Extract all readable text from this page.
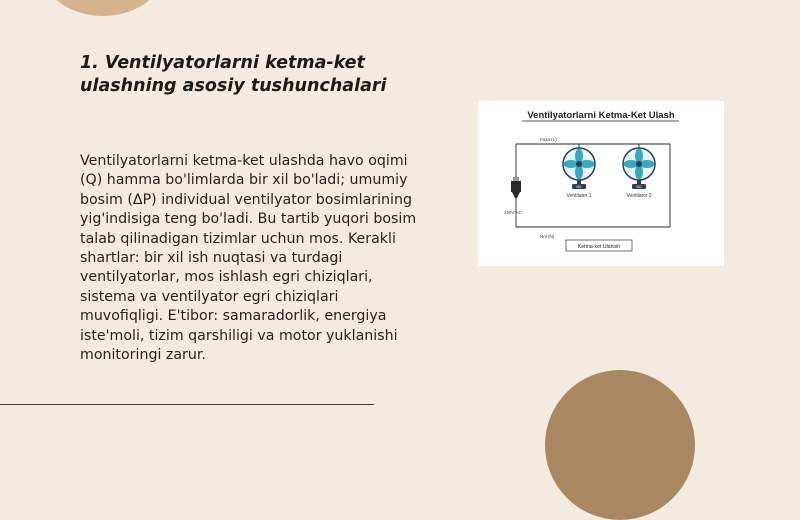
1. Ventilyatorlarni ketma-ket ulashning asosiy tushunchalari

Ventilyatorlarni ketma-ket ulashda havo oqimi (Q) hamma bo'limlarda bir xil bo'ladi; umumiy bosim (ΔP) individual ventilyator bosimlarining yig'indisiga teng bo'ladi. Bu tartib yuqori bosim talab qilinadigan tizimlar uchun mos. Kerakli shartlar: bir xil ish nuqtasi va turdagi ventilyatorlar, mos ishlash egri chiziqlari, sistema va ventilyator egri chiziqlari muvofiqligi. E'tibor: samaradorlik, energiya iste'moli, tizim qarshiligi va motor yuklanishi monitoringi zarur.

Ventilyatorlarni Ketma-Ket Ulash
Faza (L)
Nol (N)
220V AC
M1
Ventilator 1
M2
Ventilator 2
Ketma-ket Ulanish
